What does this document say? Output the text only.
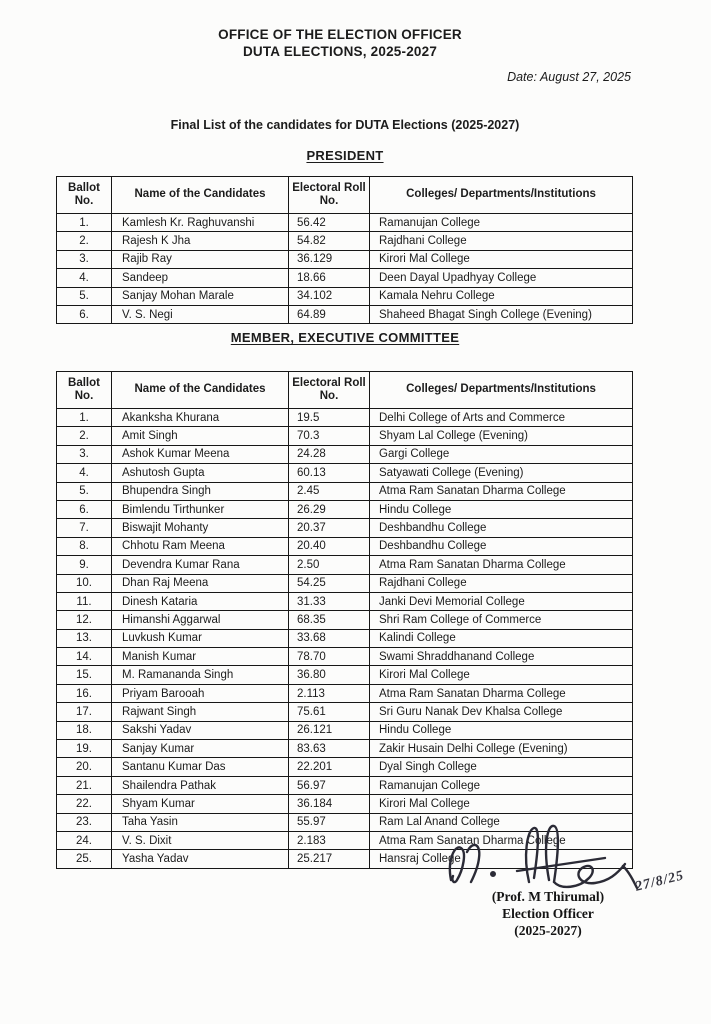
OFFICE OF THE ELECTION OFFICER
DUTA ELECTIONS, 2025-2027
Date: August 27, 2025
Final List of the candidates for DUTA Elections (2025-2027)
PRESIDENT
Ballot No.	Name of the Candidates	Electoral Roll No.	Colleges/ Departments/Institutions
1.	Kamlesh Kr. Raghuvanshi	56.42	Ramanujan College
2.	Rajesh K Jha	54.82	Rajdhani College
3.	Rajib Ray	36.129	Kirori Mal College
4.	Sandeep	18.66	Deen Dayal Upadhyay College
5.	Sanjay Mohan Marale	34.102	Kamala Nehru College
6.	V. S. Negi	64.89	Shaheed Bhagat Singh College (Evening)
MEMBER, EXECUTIVE COMMITTEE
Ballot No.	Name of the Candidates	Electoral Roll No.	Colleges/ Departments/Institutions
1.	Akanksha Khurana	19.5	Delhi College of Arts and Commerce
2.	Amit Singh	70.3	Shyam Lal College (Evening)
3.	Ashok Kumar Meena	24.28	Gargi College
4.	Ashutosh Gupta	60.13	Satyawati College (Evening)
5.	Bhupendra Singh	2.45	Atma Ram Sanatan Dharma College
6.	Bimlendu Tirthunker	26.29	Hindu College
7.	Biswajit Mohanty	20.37	Deshbandhu College
8.	Chhotu Ram Meena	20.40	Deshbandhu College
9.	Devendra Kumar Rana	2.50	Atma Ram Sanatan Dharma College
10.	Dhan Raj Meena	54.25	Rajdhani College
11.	Dinesh Kataria	31.33	Janki Devi Memorial College
12.	Himanshi Aggarwal	68.35	Shri Ram College of Commerce
13.	Luvkush Kumar	33.68	Kalindi College
14.	Manish Kumar	78.70	Swami Shraddhanand College
15.	M. Ramananda Singh	36.80	Kirori Mal College
16.	Priyam Barooah	2.113	Atma Ram Sanatan Dharma College
17.	Rajwant Singh	75.61	Sri Guru Nanak Dev Khalsa College
18.	Sakshi Yadav	26.121	Hindu College
19.	Sanjay Kumar	83.63	Zakir Husain Delhi College (Evening)
20.	Santanu Kumar Das	22.201	Dyal Singh College
21.	Shailendra Pathak	56.97	Ramanujan College
22.	Shyam Kumar	36.184	Kirori Mal College
23.	Taha Yasin	55.97	Ram Lal Anand College
24.	V. S. Dixit	2.183	Atma Ram Sanatan Dharma College
25.	Yasha Yadav	25.217	Hansraj College
27/8/25
(Prof. M Thirumal)
Election Officer
(2025-2027)
